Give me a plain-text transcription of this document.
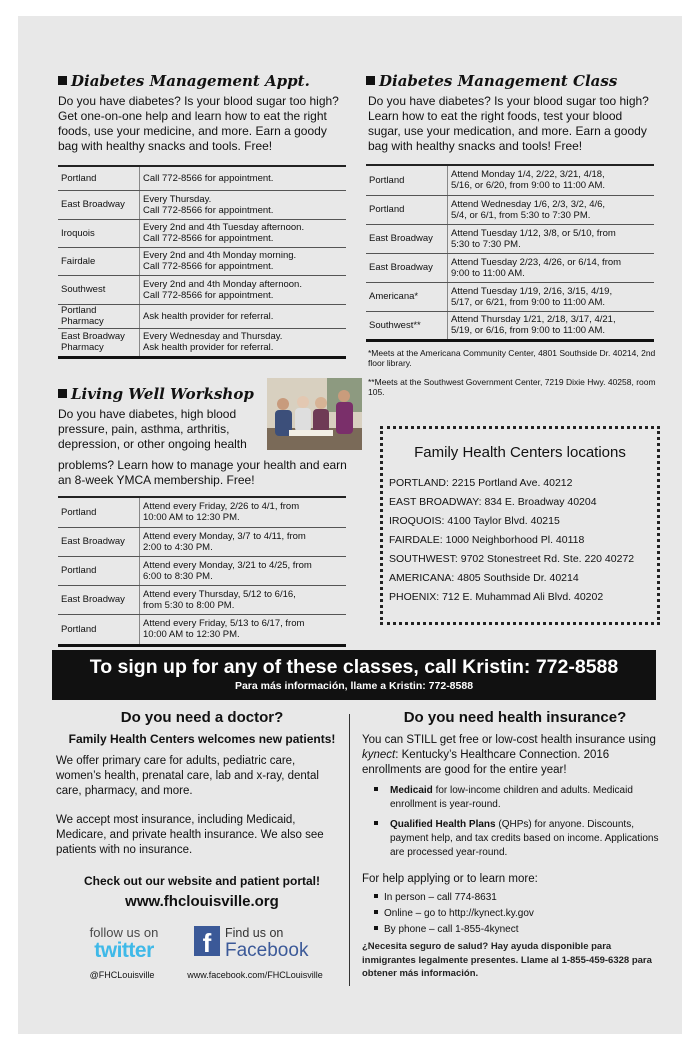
Diabetes Management Appt.
Do you have diabetes? Is your blood sugar too high? Get one-on-one help and learn how to eat the right foods, use your medicine, and more. Earn a goody bag with healthy snacks and tools. Free!
Portland	Call 772-8566 for appointment.
East Broadway	Every Thursday.
Call 772-8566 for appointment.
Iroquois	Every 2nd and 4th Tuesday afternoon.
Call 772-8566 for appointment.
Fairdale	Every 2nd and 4th Monday morning.
Call 772-8566 for appointment.
Southwest	Every 2nd and 4th Monday afternoon.
Call 772-8566 for appointment.
Portland
Pharmacy	Ask health provider for referral.
East Broadway
Pharmacy	Every Wednesday and Thursday.
Ask health provider for referral.
Diabetes Management Class
Do you have diabetes? Is your blood sugar too high? Learn how to eat the right foods, test your blood sugar, use your medication, and more. Earn a goody bag with healthy snacks and tools! Free!
Portland	Attend Monday 1/4, 2/22, 3/21, 4/18,
5/16, or 6/20, from 9:00 to 11:00 AM.
Portland	Attend Wednesday 1/6, 2/3, 3/2, 4/6,
5/4, or 6/1, from 5:30 to 7:30 PM.
East Broadway	Attend Tuesday 1/12, 3/8, or 5/10, from
5:30 to 7:30 PM.
East Broadway	Attend Tuesday 2/23, 4/26, or 6/14, from
9:00 to 11:00 AM.
Americana*	Attend Tuesday 1/19, 2/16, 3/15, 4/19,
5/17, or 6/21, from 9:00 to 11:00 AM.
Southwest**	Attend Thursday 1/21, 2/18, 3/17, 4/21,
5/19, or 6/16, from 9:00 to 11:00 AM.
*Meets at the Americana Community Center, 4801 Southside Dr. 40214, 2nd floor library.
**Meets at the Southwest Government Center, 7219 Dixie Hwy. 40258, room 105.
Living Well Workshop
Do you have diabetes, high blood pressure, pain, asthma, arthritis, depression, or other ongoing health
problems? Learn how to manage your health and earn an 8-week YMCA membership. Free!
Portland	Attend every Friday, 2/26 to 4/1, from
10:00 AM to 12:30 PM.
East Broadway	Attend every Monday, 3/7 to 4/11, from
2:00 to 4:30 PM.
Portland	Attend every Monday, 3/21 to 4/25, from
6:00 to 8:30 PM.
East Broadway	Attend every Thursday, 5/12 to 6/16,
from 5:30 to 8:00 PM.
Portland	Attend every Friday, 5/13 to 6/17, from
10:00 AM to 12:30 PM.
Family Health Centers locations
PORTLAND: 2215 Portland Ave. 40212
EAST BROADWAY: 834 E. Broadway 40204
IROQUOIS: 4100 Taylor Blvd. 40215
FAIRDALE: 1000 Neighborhood Pl. 40118
SOUTHWEST: 9702 Stonestreet Rd. Ste. 220 40272
AMERICANA: 4805 Southside Dr. 40214
PHOENIX: 712 E. Muhammad Ali Blvd. 40202
To sign up for any of these classes, call Kristin: 772-8588
Para más información, llame a Kristin: 772-8588
Do you need a doctor?
Family Health Centers welcomes new patients!
We offer primary care for adults, pediatric care, women’s health, prenatal care, lab and x-ray, dental care, pharmacy, and more.
We accept most insurance, including Medicaid, Medicare, and private health insurance. We also see patients with no insurance.
Check out our website and patient portal!
www.fhclouisville.org
follow us on
twitter
@FHCLouisville
f	Find us on
Facebook
www.facebook.com/FHCLouisville
Do you need health insurance?
You can STILL get free or low-cost health insurance using kynect: Kentucky’s Healthcare Connection. 2016 enrollments are good for the entire year!
Medicaid for low-income children and adults. Medicaid enrollment is year-round.
Qualified Health Plans (QHPs) for anyone. Discounts, payment help, and tax credits based on income. Applications are processed year-round.
For help applying or to learn more:
In person – call 774-8631
Online – go to http://kynect.ky.gov
By phone – call 1-855-4kynect
¿Necesita seguro de salud? Hay ayuda disponible para inmigrantes legalmente presentes. Llame al 1-855-459-6328 para obtener más información.
